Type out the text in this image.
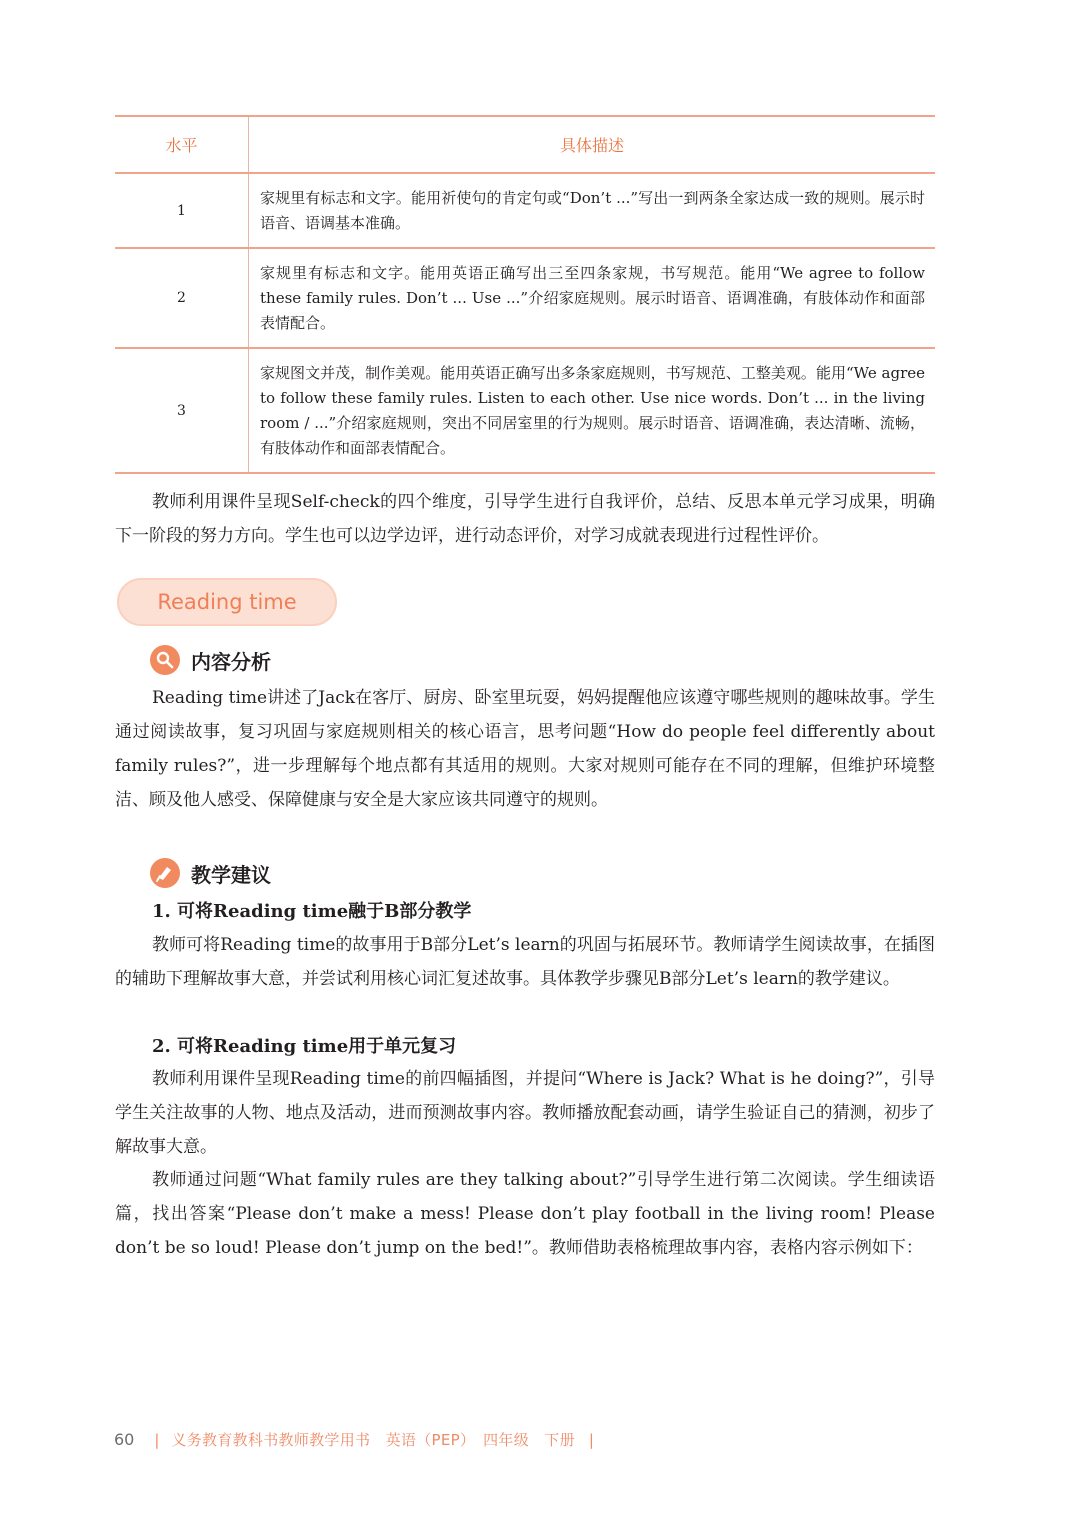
水平	具体描述
1	家规里有标志和文字。能用祈使句的肯定句或“Don’t ...”写出一到两条全家达成一致的规则。展示时语音、语调基本准确。
2	家规里有标志和文字。能用英语正确写出三至四条家规，书写规范。能用“We agree to follow these family rules. Don’t ... Use ...”介绍家庭规则。展示时语音、语调准确，有肢体动作和面部表情配合。
3	家规图文并茂，制作美观。能用英语正确写出多条家庭规则，书写规范、工整美观。能用“We agree to follow these family rules. Listen to each other. Use nice words. Don’t ... in the living room / ...”介绍家庭规则，突出不同居室里的行为规则。展示时语音、语调准确，表达清晰、流畅，有肢体动作和面部表情配合。

教师利用课件呈现Self-check的四个维度，引导学生进行自我评价，总结、反思本单元学习成果，明确下一阶段的努力方向。学生也可以边学边评，进行动态评价，对学习成就表现进行过程性评价。

Reading time
内容分析

Reading time讲述了Jack在客厅、厨房、卧室里玩耍，妈妈提醒他应该遵守哪些规则的趣味故事。学生通过阅读故事，复习巩固与家庭规则相关的核心语言，思考问题“How do people feel differently about family rules?”，进一步理解每个地点都有其适用的规则。大家对规则可能存在不同的理解，但维护环境整洁、顾及他人感受、保障健康与安全是大家应该共同遵守的规则。

教学建议

1. 可将Reading time融于B部分教学

教师可将Reading time的故事用于B部分Let’s learn的巩固与拓展环节。教师请学生阅读故事，在插图的辅助下理解故事大意，并尝试利用核心词汇复述故事。具体教学步骤见B部分Let’s learn的教学建议。

2. 可将Reading time用于单元复习

教师利用课件呈现Reading time的前四幅插图，并提问“Where is Jack? What is he doing?”，引导学生关注故事的人物、地点及活动，进而预测故事内容。教师播放配套动画，请学生验证自己的猜测，初步了解故事大意。

教师通过问题“What family rules are they talking about?”引导学生进行第二次阅读。学生细读语篇，找出答案“Please don’t make a mess! Please don’t play football in the living room! Please don’t be so loud! Please don’t jump on the bed!”。教师借助表格梳理故事内容，表格内容示例如下：

60 | 义务教育教科书教师教学用书　英语（PEP）　四年级　下册 |
